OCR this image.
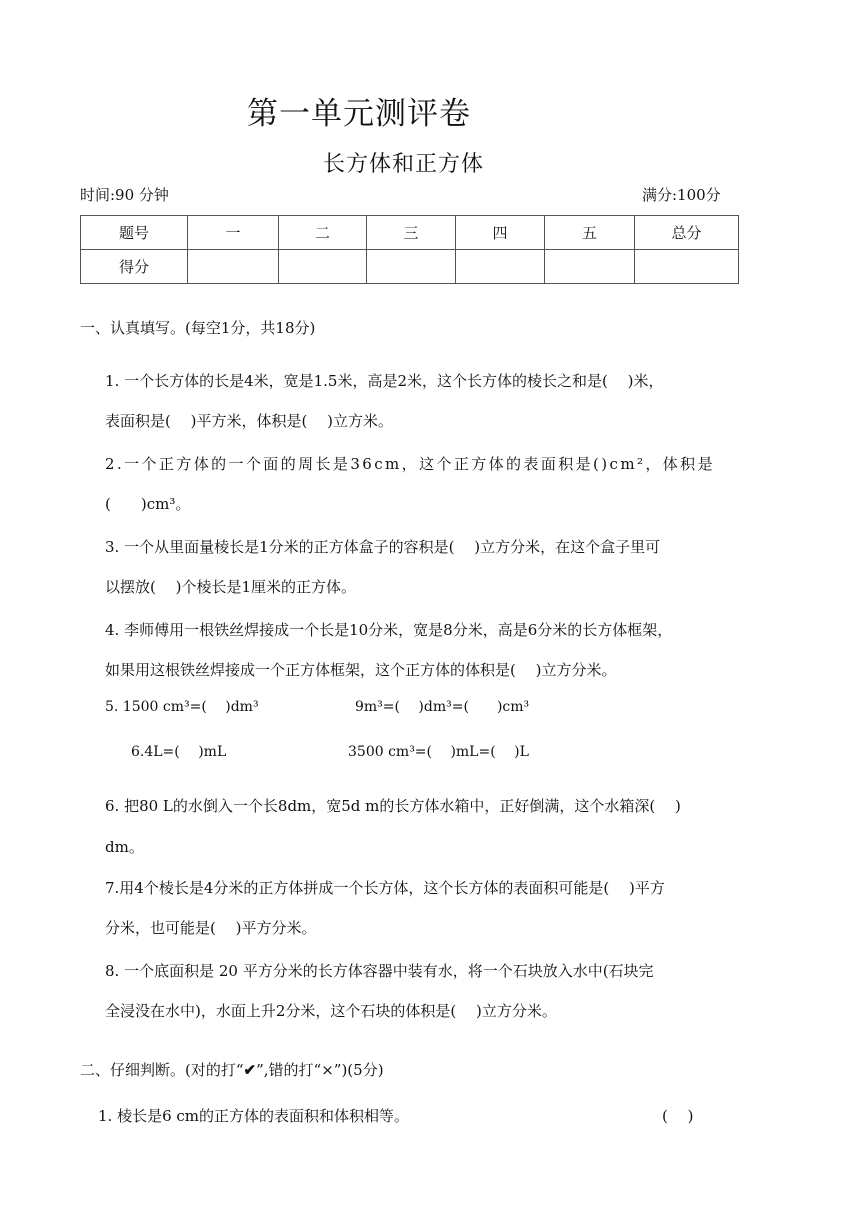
第一单元测评卷
长方体和正方体
时间:90 分钟	满分:100分
题号	一	二	三	四	五	总分
得分						
一、认真填写。(每空1分，共18分)
1. 一个长方体的长是4米，宽是1.5米，高是2米，这个长方体的棱长之和是(　 )米，
表面积是(　 )平方米，体积是(　 )立方米。
2.一个正方体的一个面的周长是36cm，这个正方体的表面积是()cm²，体积是
(　　)cm³。
3. 一个从里面量棱长是1分米的正方体盒子的容积是(　 )立方分米，在这个盒子里可
以摆放(　 )个棱长是1厘米的正方体。
4. 李师傅用一根铁丝焊接成一个长是10分米，宽是8分米，高是6分米的长方体框架，
如果用这根铁丝焊接成一个正方体框架，这个正方体的体积是(　 )立方分米。
5. 1500 cm³=(　 )dm³	9m³=(　 )dm³=(　　)cm³
6.4L=(　 )mL	3500 cm³=(　 )mL=(　 )L
6. 把80 L的水倒入一个长8dm，宽5d m的长方体水箱中，正好倒满，这个水箱深(　 )
dm。
7.用4个棱长是4分米的正方体拼成一个长方体，这个长方体的表面积可能是(　 )平方
分米，也可能是(　 )平方分米。
8. 一个底面积是 20 平方分米的长方体容器中装有水，将一个石块放入水中(石块完
全浸没在水中)，水面上升2分米，这个石块的体积是(　 )立方分米。
二、仔细判断。(对的打“✔”,错的打“×”)(5分)
1. 棱长是6 cm的正方体的表面积和体积相等。	(　 )
